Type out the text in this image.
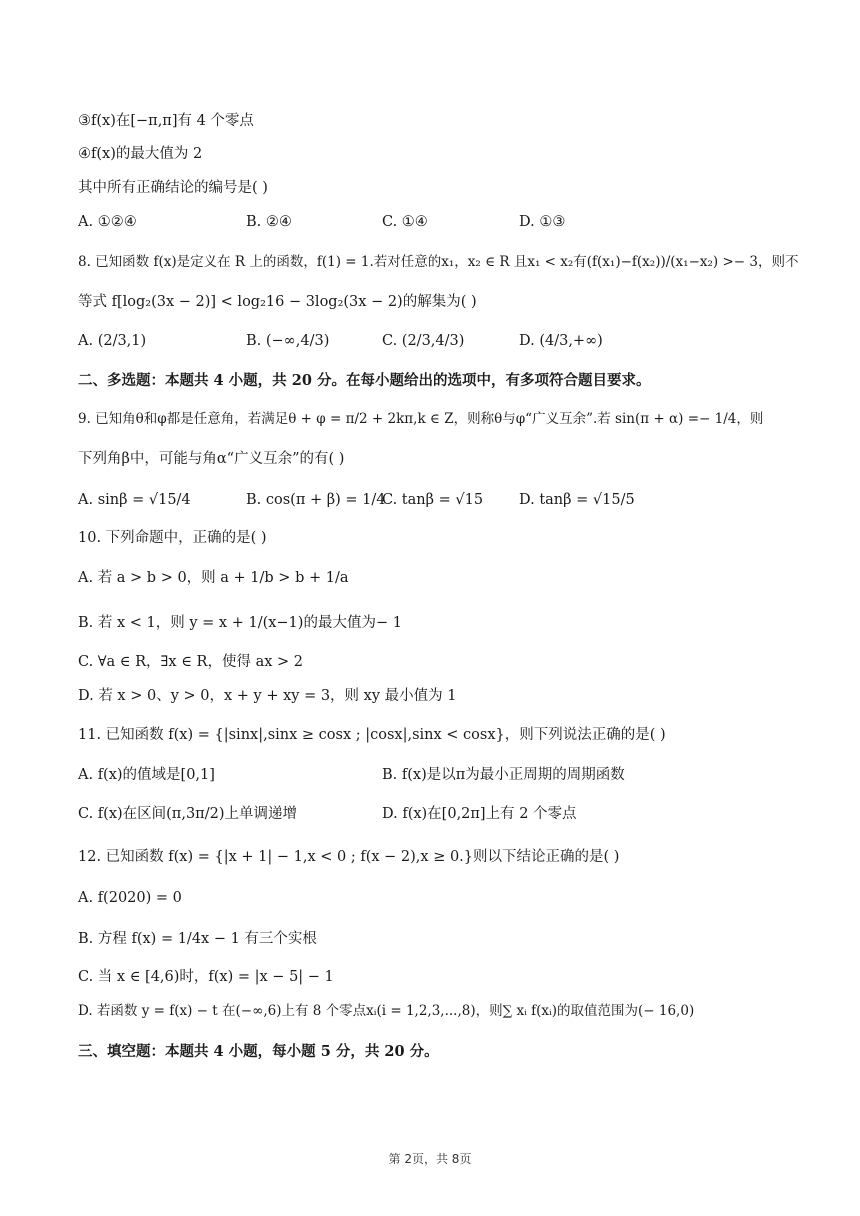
③f(x)在[−π,π]有 4 个零点
④f(x)的最大值为 2
其中所有正确结论的编号是( )
A. ①②④	B. ②④	C. ①④	D. ①③
8. 已知函数 f(x)是定义在 R 上的函数，f(1) = 1.若对任意的x₁，x₂ ∈ R 且x₁ < x₂有(f(x₁)−f(x₂))/(x₁−x₂) >− 3，则不
等式 f[log₂(3x − 2)] < log₂16 − 3log₂(3x − 2)的解集为( )
A. (2/3,1)	B. (−∞,4/3)	C. (2/3,4/3)	D. (4/3,+∞)
二、多选题：本题共 4 小题，共 20 分。在每小题给出的选项中，有多项符合题目要求。
9. 已知角θ和φ都是任意角，若满足θ + φ = π/2 + 2kπ,k ∈ Z，则称θ与φ“广义互余”.若 sin(π + α) =− 1/4，则
下列角β中，可能与角α“广义互余”的有( )
A. sinβ = √15/4	B. cos(π + β) = 1/4
C. tanβ = √15 D. tanβ = √15/5
10. 下列命题中，正确的是( )
A. 若 a > b > 0，则 a + 1/b > b + 1/a
B. 若 x < 1，则 y = x + 1/(x−1)的最大值为− 1
C. ∀a ∈ R，∃x ∈ R，使得 ax > 2
D. 若 x > 0、y > 0，x + y + xy = 3，则 xy 最小值为 1
11. 已知函数 f(x) = {|sinx|,sinx ≥ cosx ; |cosx|,sinx < cosx}，则下列说法正确的是( )
A. f(x)的值域是[0,1]	B. f(x)是以π为最小正周期的周期函数
C. f(x)在区间(π,3π/2)上单调递增	D. f(x)在[0,2π]上有 2 个零点
12. 已知函数 f(x) = {|x + 1| − 1,x < 0 ; f(x − 2),x ≥ 0.}则以下结论正确的是( )
A. f(2020) = 0
B. 方程 f(x) = 1/4x − 1 有三个实根
C. 当 x ∈ [4,6)时，f(x) = |x − 5| − 1
D. 若函数 y = f(x) − t 在(−∞,6)上有 8 个零点xᵢ(i = 1,2,3,...,8)，则∑ xᵢ f(xᵢ)的取值范围为(− 16,0)
三、填空题：本题共 4 小题，每小题 5 分，共 20 分。
第 2页，共 8页
